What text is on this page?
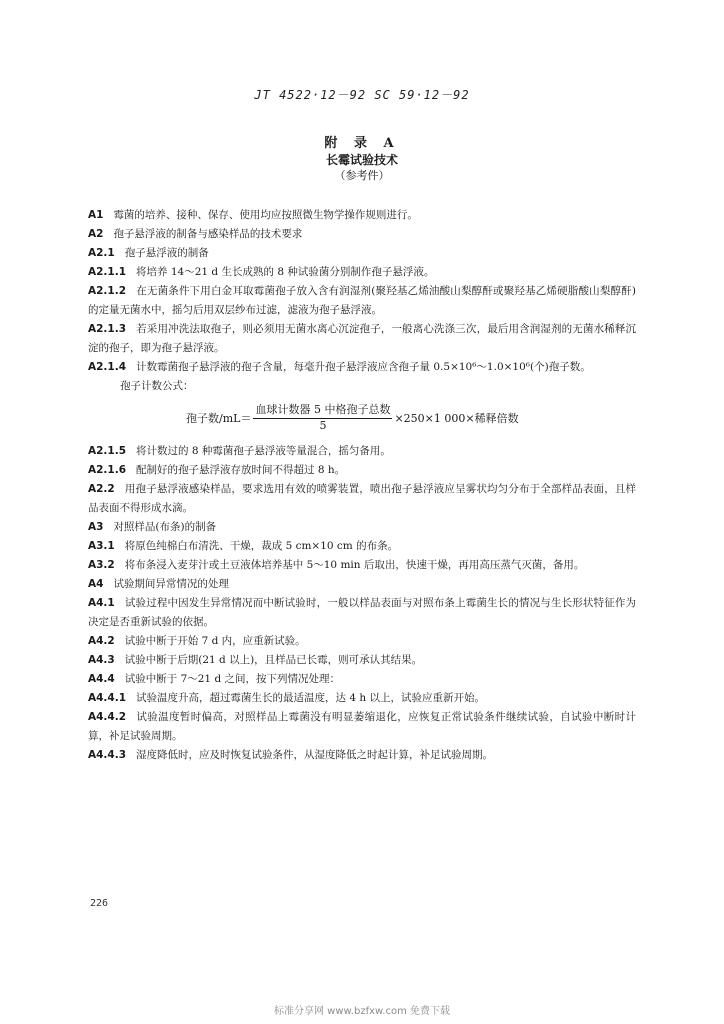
JT 4522·12－92 SC 59·12－92
附 录 A
长霉试验技术
（参考件）

A1 霉菌的培养、接种、保存、使用均应按照微生物学操作规则进行。

A2 孢子悬浮液的制备与感染样品的技术要求

A2.1 孢子悬浮液的制备

A2.1.1 将培养 14～21 d 生长成熟的 8 种试验菌分别制作孢子悬浮液。

A2.1.2 在无菌条件下用白金耳取霉菌孢子放入含有润湿剂(聚羟基乙烯油酸山梨醇酐或聚羟基乙烯硬脂酸山梨醇酐)的定量无菌水中，摇匀后用双层纱布过滤，滤液为孢子悬浮液。

A2.1.3 若采用冲洗法取孢子，则必须用无菌水离心沉淀孢子，一般离心洗涤三次，最后用含润湿剂的无菌水稀释沉淀的孢子，即为孢子悬浮液。

A2.1.4 计数霉菌孢子悬浮液的孢子含量，每毫升孢子悬浮液应含孢子量 0.5×10⁶～1.0×10⁶(个)孢子数。

孢子计数公式：

孢子数$/mL= \frac{\text{血球计数器 5 中格孢子总数}}{5} \times 250\times 1$ 000×稀释倍数

A2.1.5 将计数过的 8 种霉菌孢子悬浮液等量混合，摇匀备用。

A2.1.6 配制好的孢子悬浮液存放时间不得超过 8 h。

A2.2 用孢子悬浮液感染样品，要求选用有效的喷雾装置，喷出孢子悬浮液应呈雾状均匀分布于全部样品表面，且样品表面不得形成水滴。

A3 对照样品(布条)的制备

A3.1 将原色纯棉白布清洗、干燥，裁成 5 cm×10 cm 的布条。

A3.2 将布条浸入麦芽汁或土豆液体培养基中 5～10 min 后取出，快速干燥，再用高压蒸气灭菌，备用。

A4 试验期间异常情况的处理

A4.1 试验过程中因发生异常情况而中断试验时，一般以样品表面与对照布条上霉菌生长的情况与生长形状特征作为决定是否重新试验的依据。

A4.2 试验中断于开始 7 d 内，应重新试验。

A4.3 试验中断于后期(21 d 以上)，且样品已长霉，则可承认其结果。

A4.4 试验中断于 7～21 d 之间，按下列情况处理：

A4.4.1 试验温度升高，超过霉菌生长的最适温度，达 4 h 以上，试验应重新开始。

A4.4.2 试验温度暂时偏高，对照样品上霉菌没有明显萎缩退化，应恢复正常试验条件继续试验，自试验中断时计算，补足试验周期。

A4.4.3 湿度降低时，应及时恢复试验条件，从湿度降低之时起计算，补足试验周期。

226
标准分享网 www.bzfxw.com 免费下载
